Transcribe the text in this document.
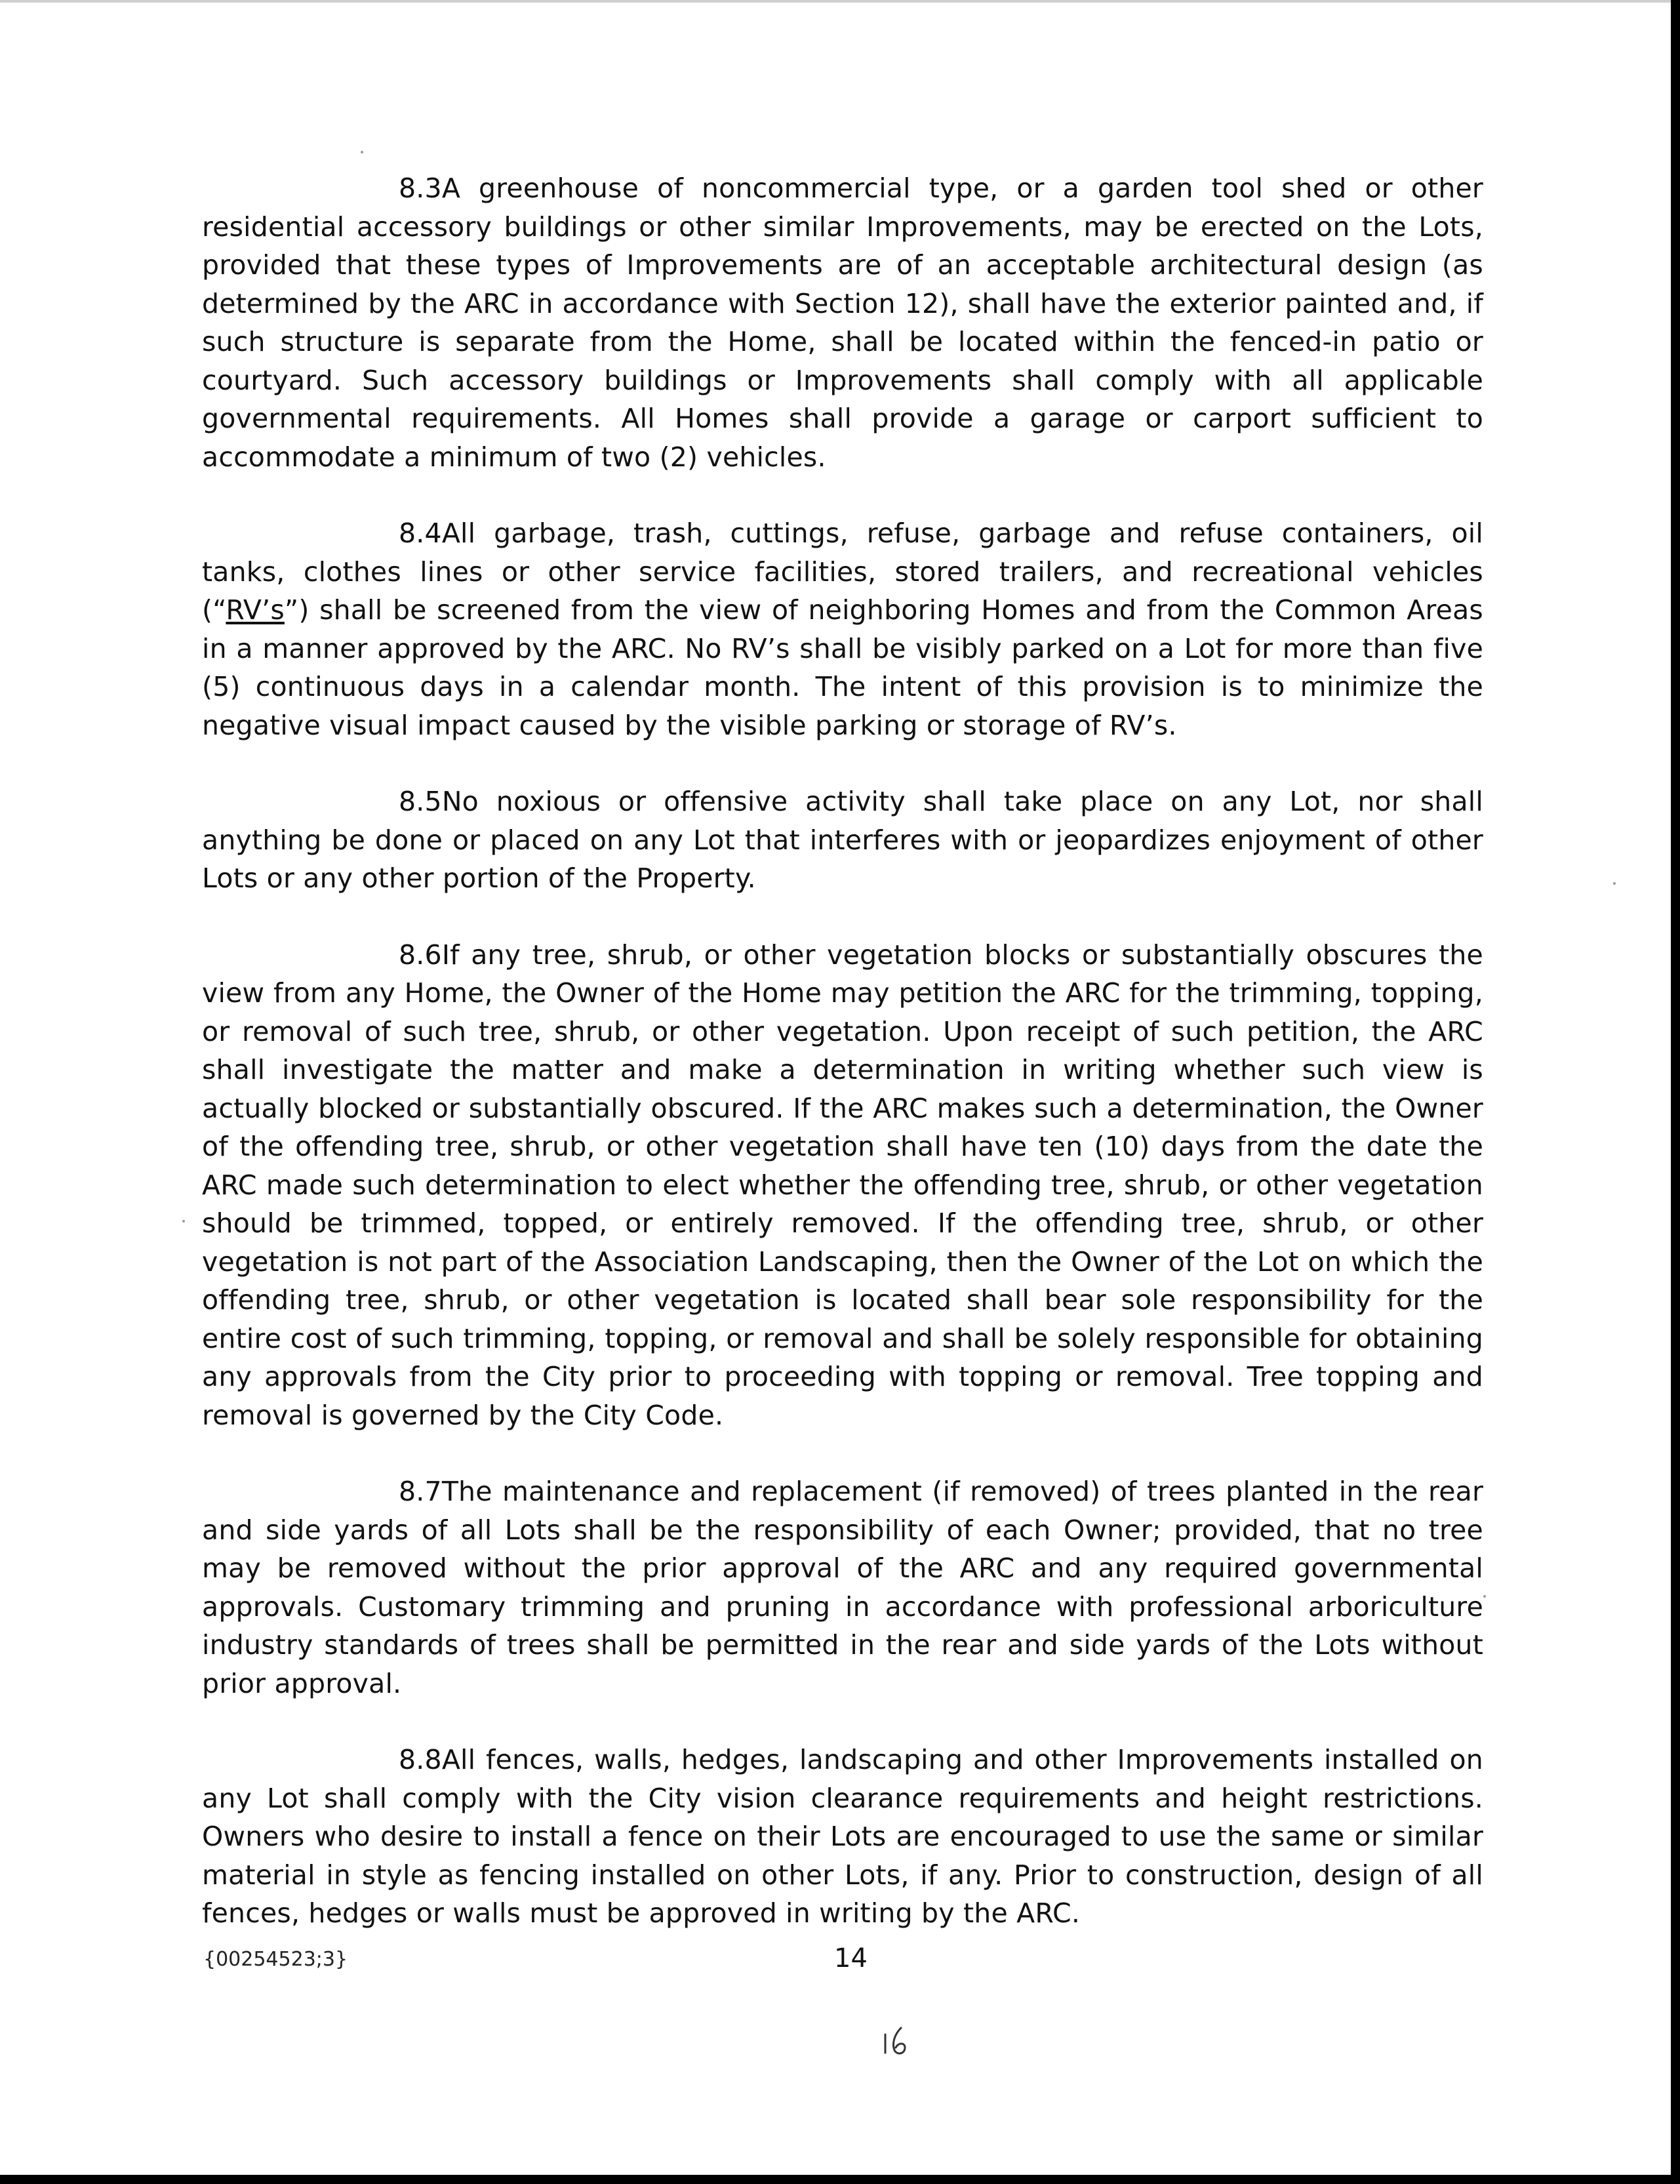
8.3A greenhouse of noncommercial type, or a garden tool shed or other residential accessory buildings or other similar Improvements, may be erected on the Lots, provided that these types of Improvements are of an acceptable architectural design (as determined by the ARC in accordance with Section 12), shall have the exterior painted and, if such structure is separate from the Home, shall be located within the fenced-in patio or courtyard. Such accessory buildings or Improvements shall comply with all applicable governmental requirements. All Homes shall provide a garage or carport sufficient to accommodate a minimum of two (2) vehicles.

8.4All garbage, trash, cuttings, refuse, garbage and refuse containers, oil tanks, clothes lines or other service facilities, stored trailers, and recreational vehicles (“RV’s”) shall be screened from the view of neighboring Homes and from the Common Areas in a manner approved by the ARC. No RV’s shall be visibly parked on a Lot for more than five (5) continuous days in a calendar month. The intent of this provision is to minimize the negative visual impact caused by the visible parking or storage of RV’s.

8.5No noxious or offensive activity shall take place on any Lot, nor shall anything be done or placed on any Lot that interferes with or jeopardizes enjoyment of other Lots or any other portion of the Property.

8.6If any tree, shrub, or other vegetation blocks or substantially obscures the view from any Home, the Owner of the Home may petition the ARC for the trimming, topping, or removal of such tree, shrub, or other vegetation. Upon receipt of such petition, the ARC shall investigate the matter and make a determination in writing whether such view is actually blocked or substantially obscured. If the ARC makes such a determination, the Owner of the offending tree, shrub, or other vegetation shall have ten (10) days from the date the ARC made such determination to elect whether the offending tree, shrub, or other vegetation should be trimmed, topped, or entirely removed. If the offending tree, shrub, or other vegetation is not part of the Association Landscaping, then the Owner of the Lot on which the offending tree, shrub, or other vegetation is located shall bear sole responsibility for the entire cost of such trimming, topping, or removal and shall be solely responsible for obtaining any approvals from the City prior to proceeding with topping or removal. Tree topping and removal is governed by the City Code.

8.7The maintenance and replacement (if removed) of trees planted in the rear and side yards of all Lots shall be the responsibility of each Owner; provided, that no tree may be removed without the prior approval of the ARC and any required governmental approvals. Customary trimming and pruning in accordance with professional arboriculture industry standards of trees shall be permitted in the rear and side yards of the Lots without prior approval.

8.8All fences, walls, hedges, landscaping and other Improvements installed on any Lot shall comply with the City vision clearance requirements and height restrictions. Owners who desire to install a fence on their Lots are encouraged to use the same or similar material in style as fencing installed on other Lots, if any. Prior to construction, design of all fences, hedges or walls must be approved in writing by the ARC.

{00254523;3}	14
